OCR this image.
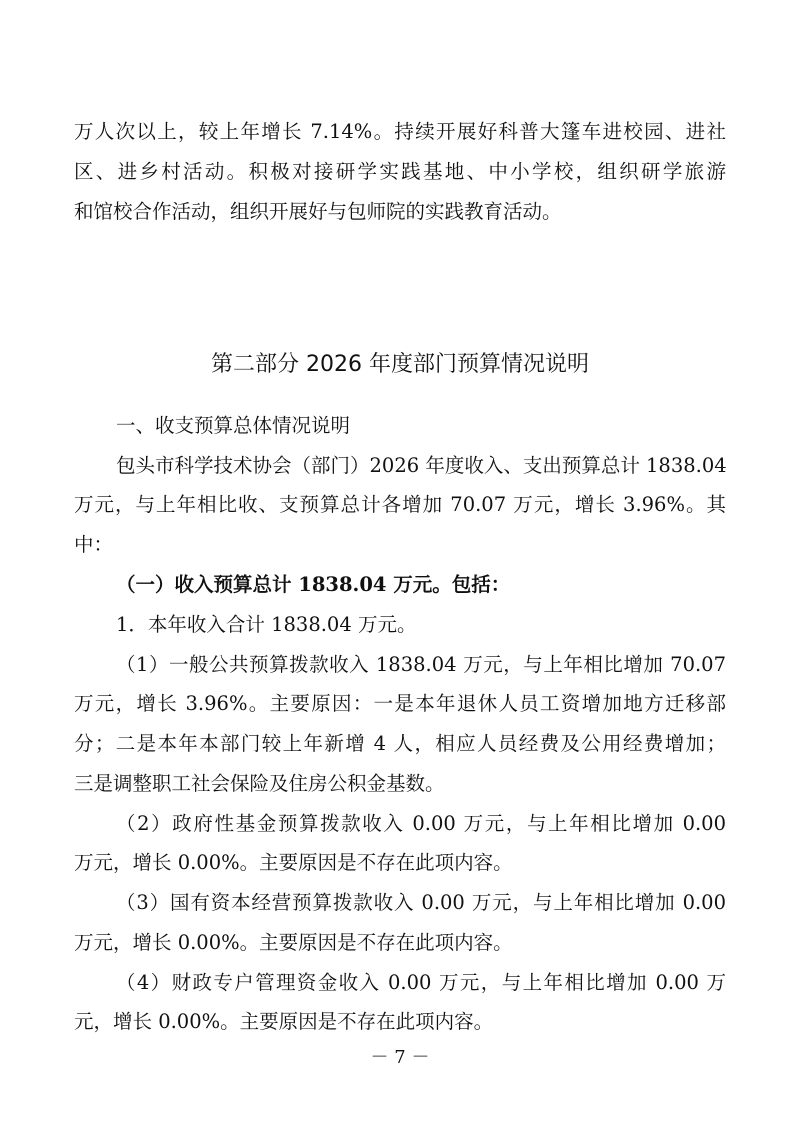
万人次以上，较上年增长 7.14%。持续开展好科普大篷车进校园、进社
区、进乡村活动。积极对接研学实践基地、中小学校，组织研学旅游
和馆校合作活动，组织开展好与包师院的实践教育活动。
第二部分 2026 年度部门预算情况说明
一、收支预算总体情况说明
包头市科学技术协会（部门）2026 年度收入、支出预算总计 1838.04
万元，与上年相比收、支预算总计各增加 70.07 万元，增长 3.96%。其
中：
（一）收入预算总计 1838.04 万元。包括：
1．本年收入合计 1838.04 万元。
（1）一般公共预算拨款收入 1838.04 万元，与上年相比增加 70.07
万元，增长 3.96%。主要原因：一是本年退休人员工资增加地方迁移部
分；二是本年本部门较上年新增 4 人，相应人员经费及公用经费增加；
三是调整职工社会保险及住房公积金基数。
（2）政府性基金预算拨款收入 0.00 万元，与上年相比增加 0.00
万元，增长 0.00%。主要原因是不存在此项内容。
（3）国有资本经营预算拨款收入 0.00 万元，与上年相比增加 0.00
万元，增长 0.00%。主要原因是不存在此项内容。
（4）财政专户管理资金收入 0.00 万元，与上年相比增加 0.00 万
元，增长 0.00%。主要原因是不存在此项内容。
－ 7 －
